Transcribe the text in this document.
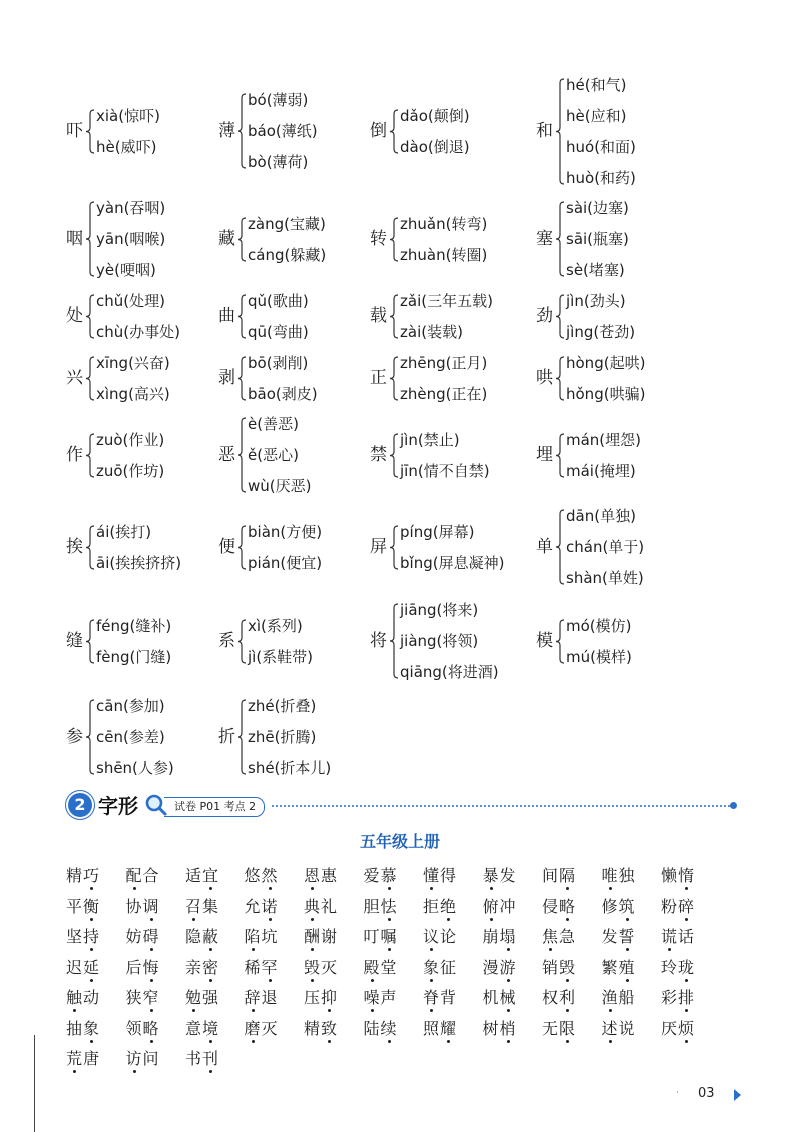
吓
xià(惊吓)
hè(威吓)
薄
bó(薄弱)
báo(薄纸)
bò(薄荷)
倒
dǎo(颠倒)
dào(倒退)
和
hé(和气)
hè(应和)
huó(和面)
huò(和药)
咽
yàn(吞咽)
yān(咽喉)
yè(哽咽)
藏
zàng(宝藏)
cáng(躲藏)
转
zhuǎn(转弯)
zhuàn(转圈)
塞
sài(边塞)
sāi(瓶塞)
sè(堵塞)
处
chǔ(处理)
chù(办事处)
曲
qǔ(歌曲)
qū(弯曲)
载
zǎi(三年五载)
zài(装载)
劲
jìn(劲头)
jìng(苍劲)
兴
xīng(兴奋)
xìng(高兴)
剥
bō(剥削)
bāo(剥皮)
正
zhēng(正月)
zhèng(正在)
哄
hòng(起哄)
hǒng(哄骗)
作
zuò(作业)
zuō(作坊)
恶
è(善恶)
ě(恶心)
wù(厌恶)
禁
jìn(禁止)
jīn(情不自禁)
埋
mán(埋怨)
mái(掩埋)
挨
ái(挨打)
āi(挨挨挤挤)
便
biàn(方便)
pián(便宜)
屏
píng(屏幕)
bǐng(屏息凝神)
单
dān(单独)
chán(单于)
shàn(单姓)
缝
féng(缝补)
fèng(门缝)
系
xì(系列)
jì(系鞋带)
将
jiāng(将来)
jiàng(将领)
qiāng(将进酒)
模
mó(模仿)
mú(模样)
参
cān(参加)
cēn(参差)
shēn(人参)
折
zhé(折叠)
zhē(折腾)
shé(折本儿)
2 字形	试卷 P01 考点 2
五年级上册
精巧 配合 适宜 悠然 恩惠 爱慕 懂得 暴发 间隔 唯独 懒惰
平衡 协调 召集 允诺 典礼 胆怯 拒绝 俯冲 侵略 修筑 粉碎
坚持 妨碍 隐蔽 陷坑 酬谢 叮嘱 议论 崩塌 焦急 发誓 谎话
迟延 后悔 亲密 稀罕 毁灭 殿堂 象征 漫游 销毁 繁殖 玲珑
触动 狭窄 勉强 辞退 压抑 噪声 脊背 机械 权利 渔船 彩排
抽象 领略 意境 磨灭 精致 陆续 照耀 树梢 无限 述说 厌烦
荒唐 访问 书刊
· 03
